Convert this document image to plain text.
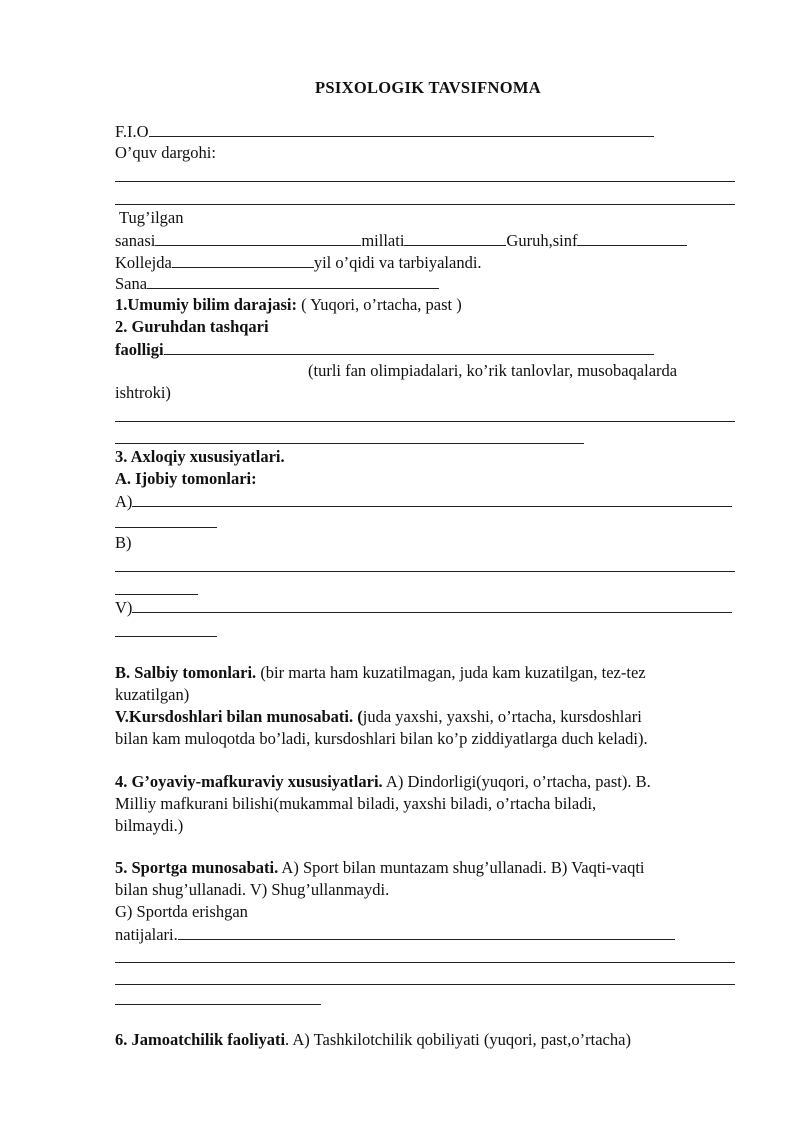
PSIXOLOGIK TAVSIFNOMA
F.I.O
O’quv dargohi:
Tug’ilgan
sanasi	millati	Guruh,sinf
Kollejda	yil o’qidi va tarbiyalandi.
Sana
1.Umumiy bilim darajasi: ( Yuqori, o’rtacha, past )
2. Guruhdan tashqari
faolligi
(turli fan olimpiadalari, ko’rik tanlovlar, musobaqalarda
ishtroki)
3. Axloqiy xususiyatlari.
A. Ijobiy tomonlari:
A)
B)
V)
B. Salbiy tomonlari. (bir marta ham kuzatilmagan, juda kam kuzatilgan, tez-tez
kuzatilgan)
V.Kursdoshlari bilan munosabati. (juda yaxshi, yaxshi, o’rtacha, kursdoshlari
bilan kam muloqotda bo’ladi, kursdoshlari bilan ko’p ziddiyatlarga duch keladi).
4. G’oyaviy-mafkuraviy xususiyatlari. A) Dindorligi(yuqori, o’rtacha, past). B.
Milliy mafkurani bilishi(mukammal biladi, yaxshi biladi, o’rtacha biladi,
bilmaydi.)
5. Sportga munosabati. A) Sport bilan muntazam shug’ullanadi. B) Vaqti-vaqti
bilan shug’ullanadi. V) Shug’ullanmaydi.
G) Sportda erishgan
natijalari.
6. Jamoatchilik faoliyati. A) Tashkilotchilik qobiliyati (yuqori, past,o’rtacha)
